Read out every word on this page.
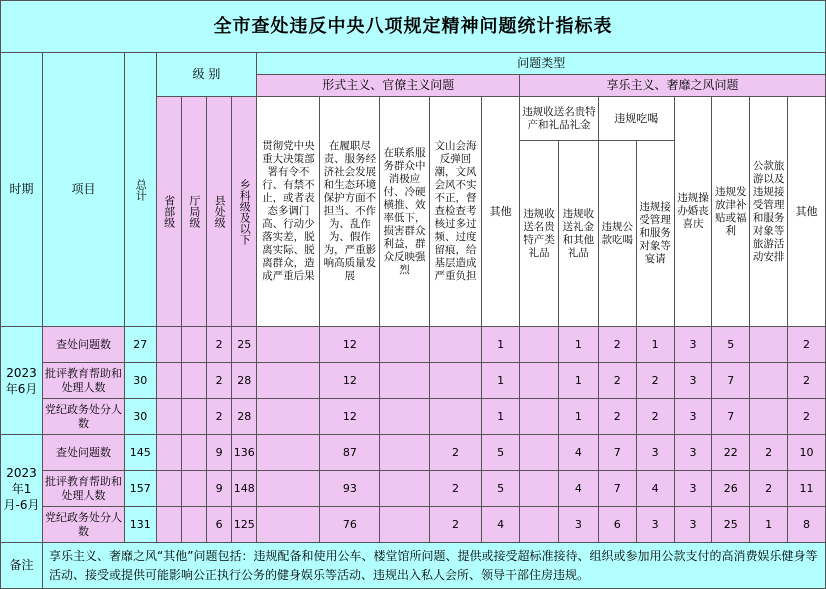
全市查处违反中央八项规定精神问题统计指标表																			
时期	项目	总计	级 别				问题类型												
							形式主义、官僚主义问题					享乐主义、奢靡之风问题							

			省部级	厅局级	县处级	乡科级及以下	贯彻党中央重大决策部署有令不行、有禁不止，或者表态多调门高、行动少落实差，脱离实际、脱离群众，造成严重后果	在履职尽责、服务经济社会发展和生态环境保护方面不担当、不作为、乱作为、假作为，严重影响高质量发展	在联系服务群众中消极应付、冷硬横推、效率低下，损害群众利益，群众反映强烈	文山会海反弹回潮，文风会风不实不正，督查检查考核过多过频、过度留痕，给基层造成严重负担	其他	违规收送名贵特产和礼品礼金		违规吃喝		违规操办婚丧喜庆	违规发放津补贴或福利	公款旅游以及违规接受管理和服务对象等旅游活动安排	其他
												违规收送名贵特产类礼品	违规收送礼金和其他礼品	违规公款吃喝	违规接受管理和服务对象等宴请				

2023年6月	查处问题数	27			2	25		12			1		1	2	1	3	5		2
	批评教育帮助和处理人数	30			2	28		12			1		1	2	2	3	7		2
	党纪政务处分人数	30			2	28		12			1		1	2	2	3	7		2
2023年1月-6月	查处问题数	145			9	136		87		2	5		4	7	3	3	22	2	10
	批评教育帮助和处理人数	157			9	148		93		2	5		4	7	4	3	26	2	11
	党纪政务处分人数	131			6	125		76		2	4		3	6	3	3	25	1	8
备注	享乐主义、奢靡之风“其他”问题包括：违规配备和使用公车、楼堂馆所问题、提供或接受超标准接待、组织或参加用公款支付的高消费娱乐健身等活动、接受或提供可能影响公正执行公务的健身娱乐等活动、违规出入私人会所、领导干部住房违规。																		
